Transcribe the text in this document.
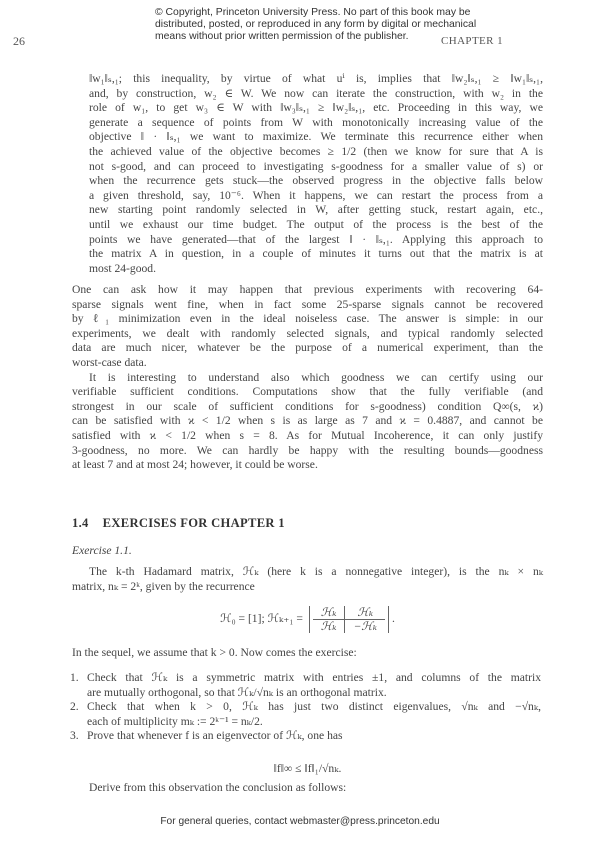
© Copyright, Princeton University Press. No part of this book may be
distributed, posted, or reproduced in any form by digital or mechanical
means without prior written permission of the publisher.
26	CHAPTER 1
‖w₁‖ₛ,₁; this inequality, by virtue of what uⁱ is, implies that ‖w₂‖ₛ,₁ ≥ ‖w₁‖ₛ,₁,
and, by construction, w₂ ∈ W. We now can iterate the construction, with w₂ in the
role of w₁, to get w₃ ∈ W with ‖w₃‖ₛ,₁ ≥ ‖w₂‖ₛ,₁, etc. Proceeding in this way, we
generate a sequence of points from W with monotonically increasing value of the
objective ‖ · ‖ₛ,₁ we want to maximize. We terminate this recurrence either when
the achieved value of the objective becomes ≥ 1/2 (then we know for sure that A is
not s-good, and can proceed to investigating s-goodness for a smaller value of s) or
when the recurrence gets stuck—the observed progress in the objective falls below
a given threshold, say, 10⁻⁶. When it happens, we can restart the process from a
new starting point randomly selected in W, after getting stuck, restart again, etc.,
until we exhaust our time budget. The output of the process is the best of the
points we have generated—that of the largest ‖ · ‖ₛ,₁. Applying this approach to
the matrix A in question, in a couple of minutes it turns out that the matrix is at
most 24-good.
One can ask how it may happen that previous experiments with recovering 64-
sparse signals went fine, when in fact some 25-sparse signals cannot be recovered
by ℓ₁ minimization even in the ideal noiseless case. The answer is simple: in our
experiments, we dealt with randomly selected signals, and typical randomly selected
data are much nicer, whatever be the purpose of a numerical experiment, than the
worst-case data.
It is interesting to understand also which goodness we can certify using our
verifiable sufficient conditions. Computations show that the fully verifiable (and
strongest in our scale of sufficient conditions for s-goodness) condition Q∞(s, ϰ)
can be satisfied with ϰ < 1/2 when s is as large as 7 and ϰ = 0.4887, and cannot be
satisfied with ϰ < 1/2 when s = 8. As for Mutual Incoherence, it can only justify
3-goodness, no more. We can hardly be happy with the resulting bounds—goodness
at least 7 and at most 24; however, it could be worse.
1.4 EXERCISES FOR CHAPTER 1
Exercise 1.1.
The k-th Hadamard matrix, ℋₖ (here k is a nonnegative integer), is the nₖ × nₖ
matrix, nₖ = 2ᵏ, given by the recurrence
ℋ₀ = [1]; ℋₖ₊₁ = ℋₖ	ℋₖ
ℋₖ	−ℋₖ
.
In the sequel, we assume that k > 0. Now comes the exercise:
1. Check that ℋₖ is a symmetric matrix with entries ±1, and columns of the matrix
are mutually orthogonal, so that ℋₖ/√nₖ is an orthogonal matrix.
2. Check that when k > 0, ℋₖ has just two distinct eigenvalues, √nₖ and −√nₖ,
each of multiplicity mₖ := 2ᵏ⁻¹ = nₖ/2.
3. Prove that whenever f is an eigenvector of ℋₖ, one has
‖f‖∞ ≤ ‖f‖₁/√nₖ.
Derive from this observation the conclusion as follows:
For general queries, contact webmaster@press.princeton.edu
